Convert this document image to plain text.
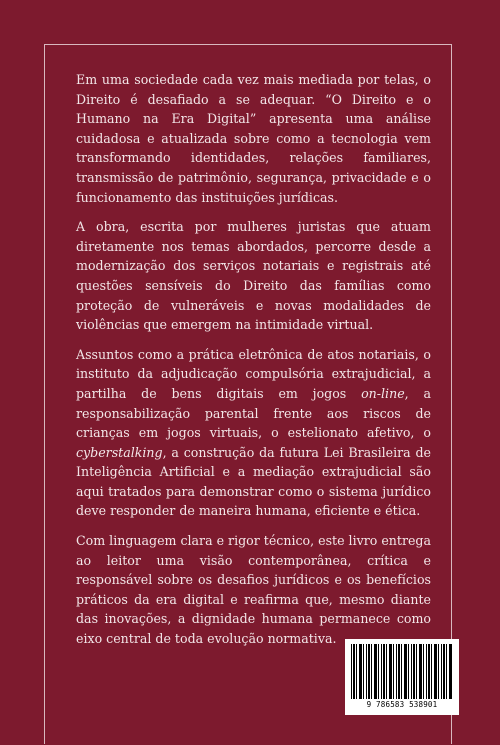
Em uma sociedade cada vez mais mediada por telas, o Direito é desafiado a se adequar. “O Direito e o Humano na Era Digital” apresenta uma análise cuidadosa e atualizada sobre como a tecnologia vem transformando identidades, relações familiares, transmissão de patrimônio, segurança, privacidade e o funcionamento das instituições jurídicas.

A obra, escrita por mulheres juristas que atuam diretamente nos temas abordados, percorre desde a modernização dos serviços notariais e registrais até questões sensíveis do Direito das famílias como proteção de vulneráveis e novas modalidades de violências que emergem na intimidade virtual.

Assuntos como a prática eletrônica de atos notariais, o instituto da adjudicação compulsória extrajudicial, a partilha de bens digitais em jogos on-line, a responsabilização parental frente aos riscos de crianças em jogos virtuais, o estelionato afetivo, o cyberstalking, a construção da futura Lei Brasileira de Inteligência Artificial e a mediação extrajudicial são aqui tratados para demonstrar como o sistema jurídico deve responder de maneira humana, eficiente e ética.

Com linguagem clara e rigor técnico, este livro entrega ao leitor uma visão contemporânea, crítica e responsável sobre os desafios jurídicos e os benefícios práticos da era digital e reafirma que, mesmo diante das inovações, a dignidade humana permanece como eixo central de toda evolução normativa.

9 786583 538901
